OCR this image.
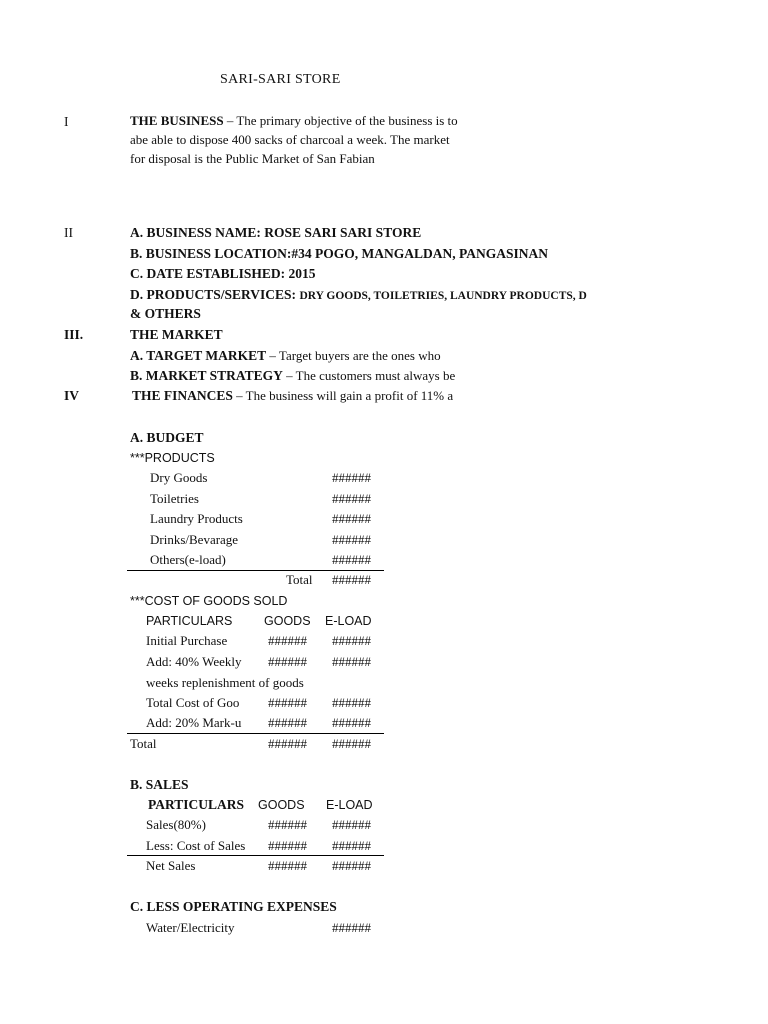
SARI-SARI STORE
I	THE BUSINESS – The primary objective of the business is to
abe able to dispose 400 sacks of charcoal a week. The market
for disposal is the Public Market of San Fabian
II	A. BUSINESS NAME: ROSE SARI SARI STORE
B. BUSINESS LOCATION:#34 POGO, MANGALDAN, PANGASINAN
C. DATE ESTABLISHED: 2015
D. PRODUCTS/SERVICES: DRY GOODS, TOILETRIES, LAUNDRY PRODUCTS, D
& OTHERS
III.	THE MARKET
A. TARGET MARKET – Target buyers are the ones who
B. MARKET STRATEGY – The customers must always be
IV	THE FINANCES – The business will gain a profit of 11% a
A. BUDGET
***PRODUCTS
Dry Goods	######
Toiletries	######
Laundry Products	######
Drinks/Bevarage	######
Others(e-load)	######
Total ######
***COST OF GOODS SOLD
PARTICULARS	GOODS E-LOAD
Initial Purchase	###### ######
Add: 40% Weekly	###### ######
weeks replenishment of goods
Total Cost of Goo	###### ######
Add: 20% Mark-u	###### ######
Total	###### ######
B. SALES
PARTICULARS GOODS E-LOAD
Sales(80%)	###### ######
Less: Cost of Sales	###### ######
Net Sales	###### ######
C. LESS OPERATING EXPENSES
Water/Electricity	######
